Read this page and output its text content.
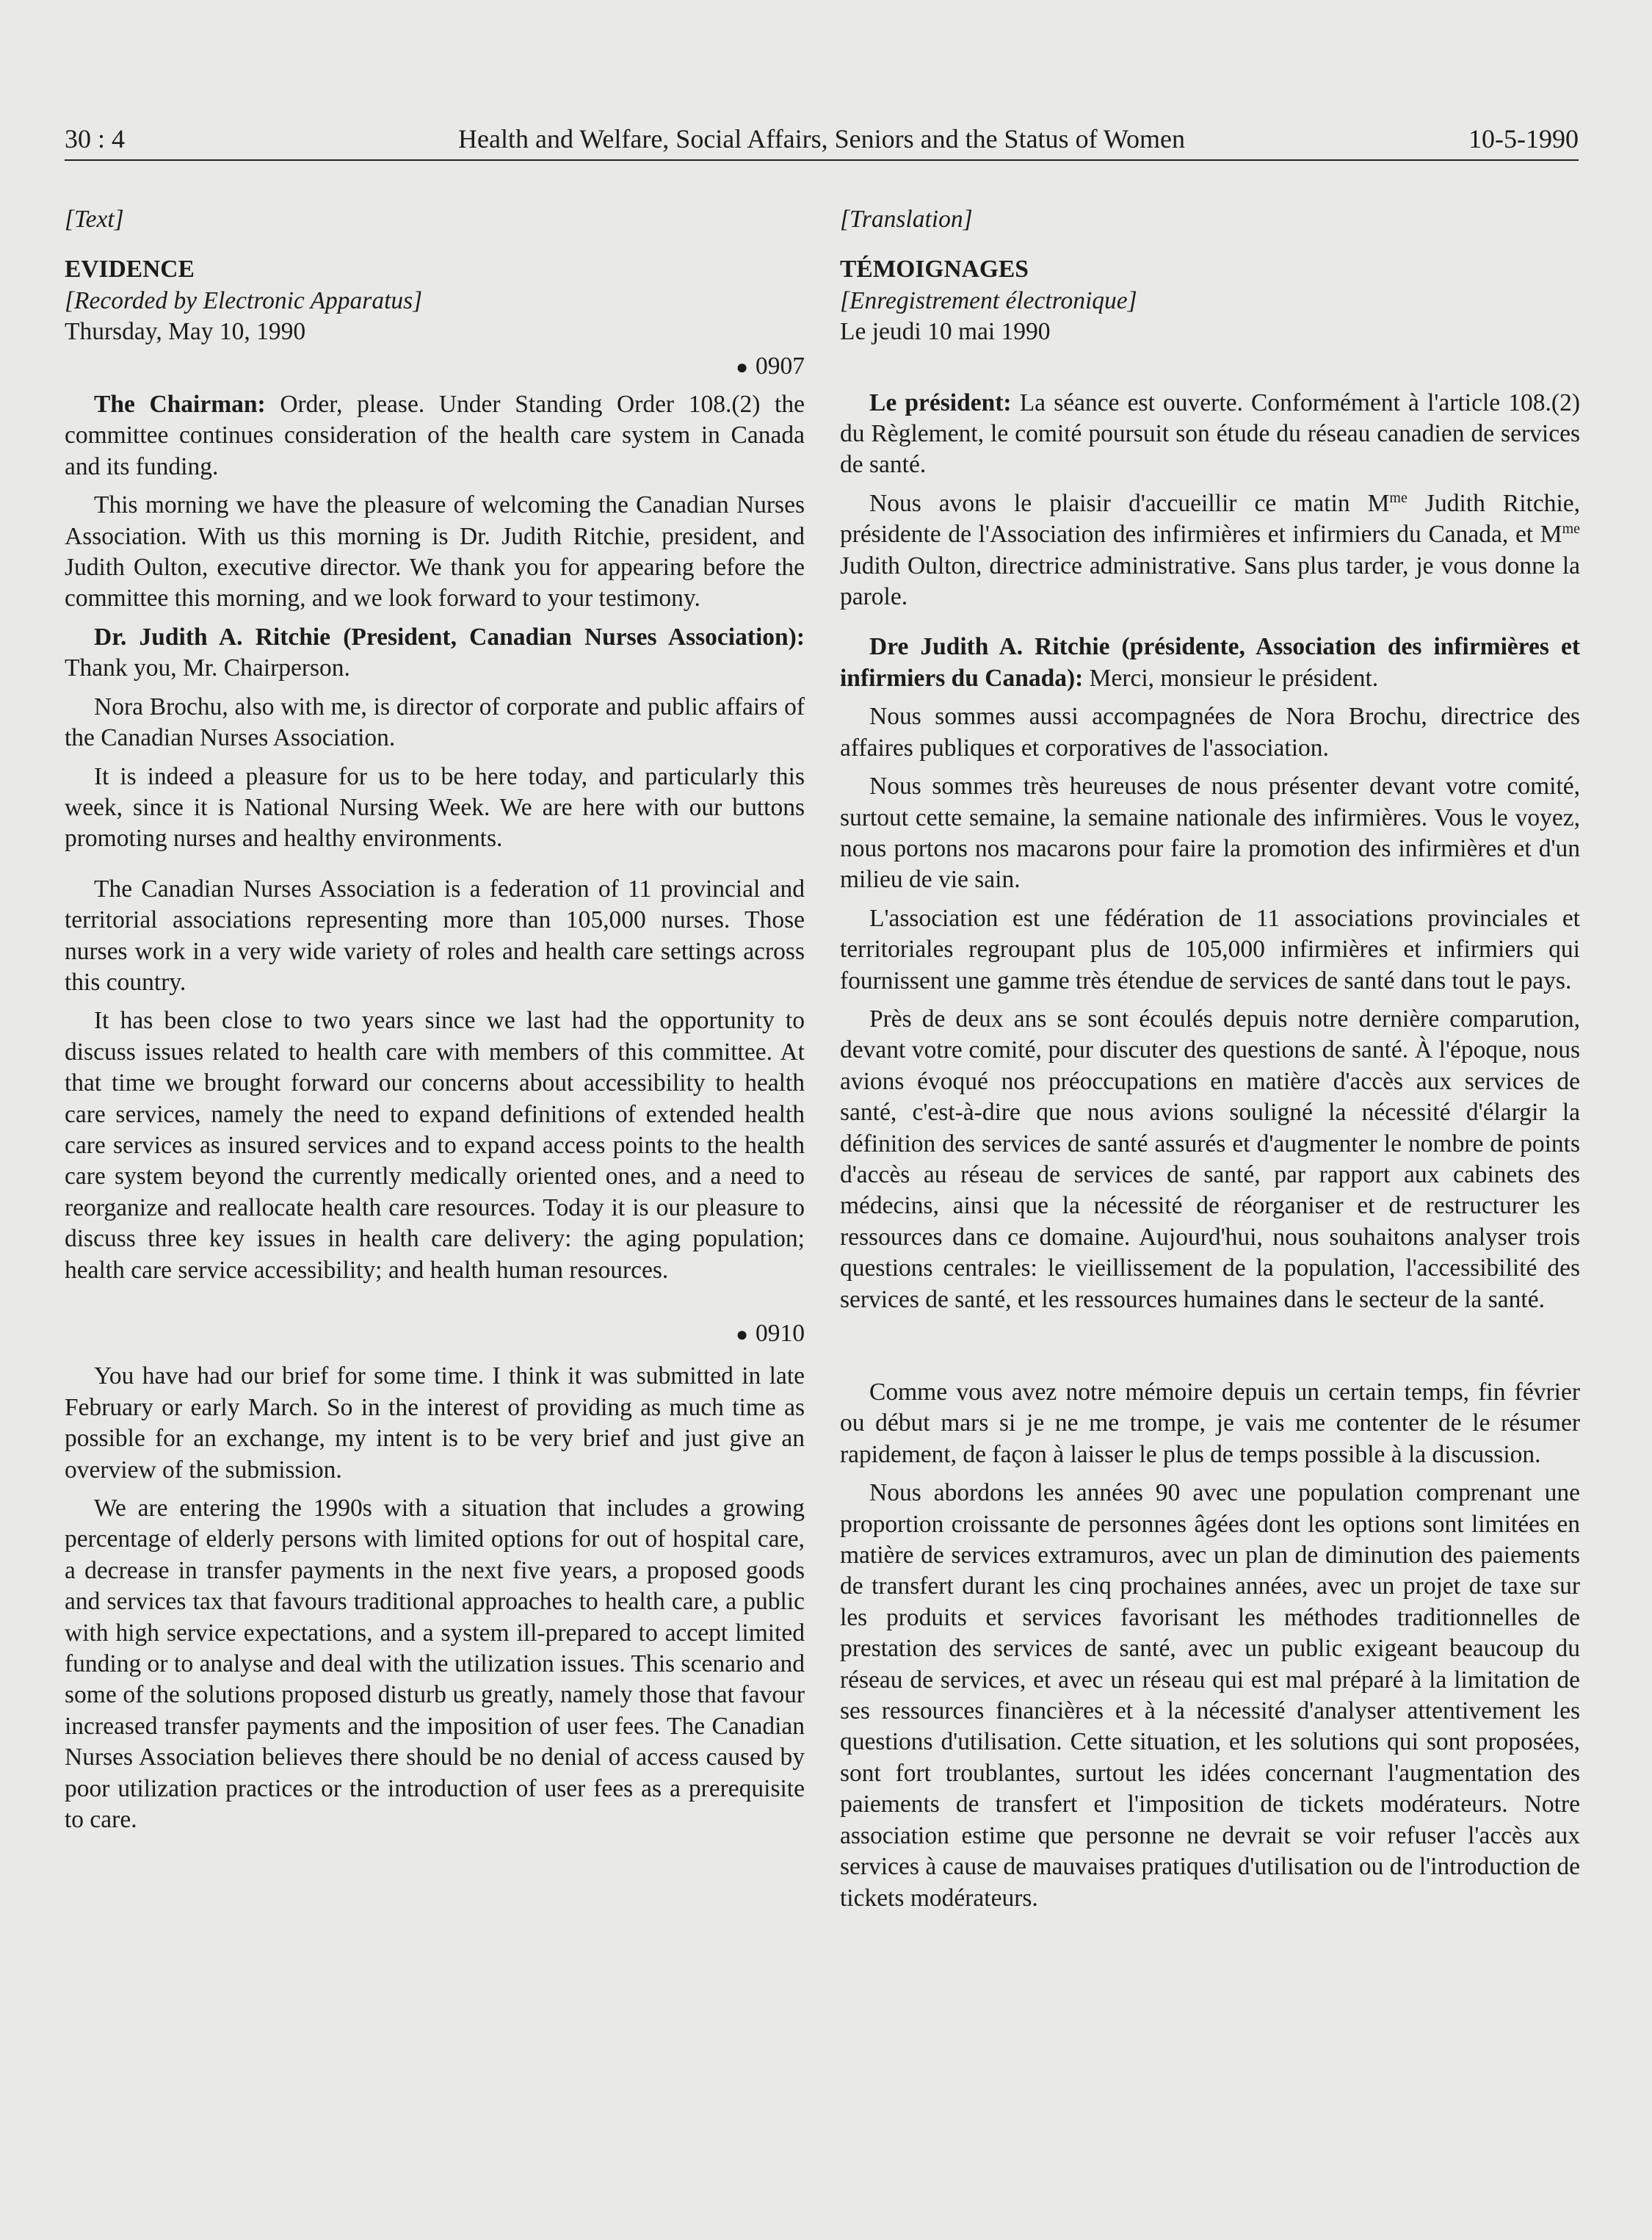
30 : 4	Health and Welfare, Social Affairs, Seniors and the Status of Women	10-5-1990
[Text]
EVIDENCE
[Recorded by Electronic Apparatus]
Thursday, May 10, 1990
● 0907

The Chairman: Order, please. Under Standing Order 108.(2) the committee continues consideration of the health care system in Canada and its funding.

This morning we have the pleasure of welcoming the Canadian Nurses Association. With us this morning is Dr. Judith Ritchie, president, and Judith Oulton, executive director. We thank you for appearing before the committee this morning, and we look forward to your testimony.

Dr. Judith A. Ritchie (President, Canadian Nurses Association): Thank you, Mr. Chairperson.

Nora Brochu, also with me, is director of corporate and public affairs of the Canadian Nurses Association.

It is indeed a pleasure for us to be here today, and particularly this week, since it is National Nursing Week. We are here with our buttons promoting nurses and healthy environments.

The Canadian Nurses Association is a federation of 11 provincial and territorial associations representing more than 105,000 nurses. Those nurses work in a very wide variety of roles and health care settings across this country.

It has been close to two years since we last had the opportunity to discuss issues related to health care with members of this committee. At that time we brought forward our concerns about accessibility to health care services, namely the need to expand definitions of extended health care services as insured services and to expand access points to the health care system beyond the currently medically oriented ones, and a need to reorganize and reallocate health care resources. Today it is our pleasure to discuss three key issues in health care delivery: the aging population; health care service accessibility; and health human resources.

● 0910

You have had our brief for some time. I think it was submitted in late February or early March. So in the interest of providing as much time as possible for an exchange, my intent is to be very brief and just give an overview of the submission.

We are entering the 1990s with a situation that includes a growing percentage of elderly persons with limited options for out of hospital care, a decrease in transfer payments in the next five years, a proposed goods and services tax that favours traditional approaches to health care, a public with high service expectations, and a system ill-prepared to accept limited funding or to analyse and deal with the utilization issues. This scenario and some of the solutions proposed disturb us greatly, namely those that favour increased transfer payments and the imposition of user fees. The Canadian Nurses Association believes there should be no denial of access caused by poor utilization practices or the introduction of user fees as a prerequisite to care.

[Translation]
TÉMOIGNAGES
[Enregistrement électronique]
Le jeudi 10 mai 1990

Le président: La séance est ouverte. Conformément à l'article 108.(2) du Règlement, le comité poursuit son étude du réseau canadien de services de santé.

Nous avons le plaisir d'accueillir ce matin $M^{me}$ Judith Ritchie, présidente de l'Association des infirmières et infirmiers du Canada, et $M^{me}$ Judith Oulton, directrice administrative. Sans plus tarder, je vous donne la parole.

Dre Judith A. Ritchie (présidente, Association des infirmières et infirmiers du Canada): Merci, monsieur le président.

Nous sommes aussi accompagnées de Nora Brochu, directrice des affaires publiques et corporatives de l'association.

Nous sommes très heureuses de nous présenter devant votre comité, surtout cette semaine, la semaine nationale des infirmières. Vous le voyez, nous portons nos macarons pour faire la promotion des infirmières et d'un milieu de vie sain.

L'association est une fédération de 11 associations provinciales et territoriales regroupant plus de 105,000 infirmières et infirmiers qui fournissent une gamme très étendue de services de santé dans tout le pays.

Près de deux ans se sont écoulés depuis notre dernière comparution, devant votre comité, pour discuter des questions de santé. À l'époque, nous avions évoqué nos préoccupations en matière d'accès aux services de santé, c'est-à-dire que nous avions souligné la nécessité d'élargir la définition des services de santé assurés et d'augmenter le nombre de points d'accès au réseau de services de santé, par rapport aux cabinets des médecins, ainsi que la nécessité de réorganiser et de restructurer les ressources dans ce domaine. Aujourd'hui, nous souhaitons analyser trois questions centrales: le vieillissement de la population, l'accessibilité des services de santé, et les ressources humaines dans le secteur de la santé.

Comme vous avez notre mémoire depuis un certain temps, fin février ou début mars si je ne me trompe, je vais me contenter de le résumer rapidement, de façon à laisser le plus de temps possible à la discussion.

Nous abordons les années 90 avec une population comprenant une proportion croissante de personnes âgées dont les options sont limitées en matière de services extramuros, avec un plan de diminution des paiements de transfert durant les cinq prochaines années, avec un projet de taxe sur les produits et services favorisant les méthodes traditionnelles de prestation des services de santé, avec un public exigeant beaucoup du réseau de services, et avec un réseau qui est mal préparé à la limitation de ses ressources financières et à la nécessité d'analyser attentivement les questions d'utilisation. Cette situation, et les solutions qui sont proposées, sont fort troublantes, surtout les idées concernant l'augmentation des paiements de transfert et l'imposition de tickets modérateurs. Notre association estime que personne ne devrait se voir refuser l'accès aux services à cause de mauvaises pratiques d'utilisation ou de l'introduction de tickets modérateurs.
